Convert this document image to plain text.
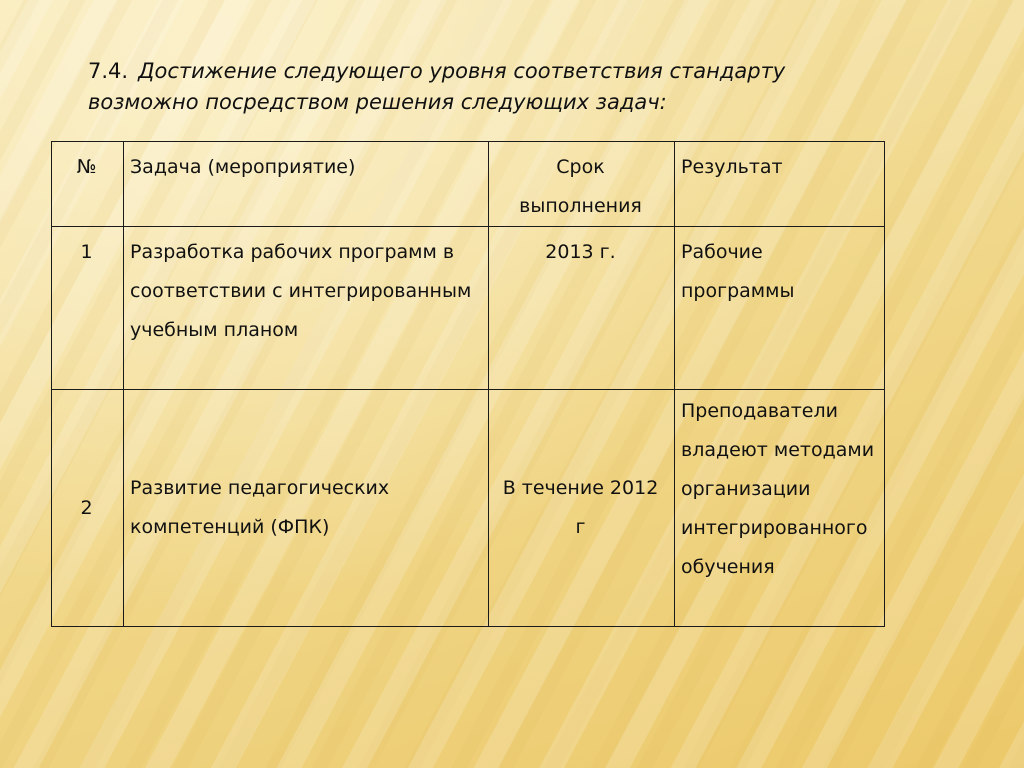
7.4. Достижение следующего уровня соответствия стандарту возможно посредством решения следующих задач:
№	Задача (мероприятие)	Срок выполнения	Результат
1	Разработка рабочих программ в соответствии с интегрированным учебным планом	2013 г.	Рабочие программы
2	Развитие педагогических компетенций (ФПК)	В течение 2012 г	Преподаватели владеют методами организации интегрированного обучения
